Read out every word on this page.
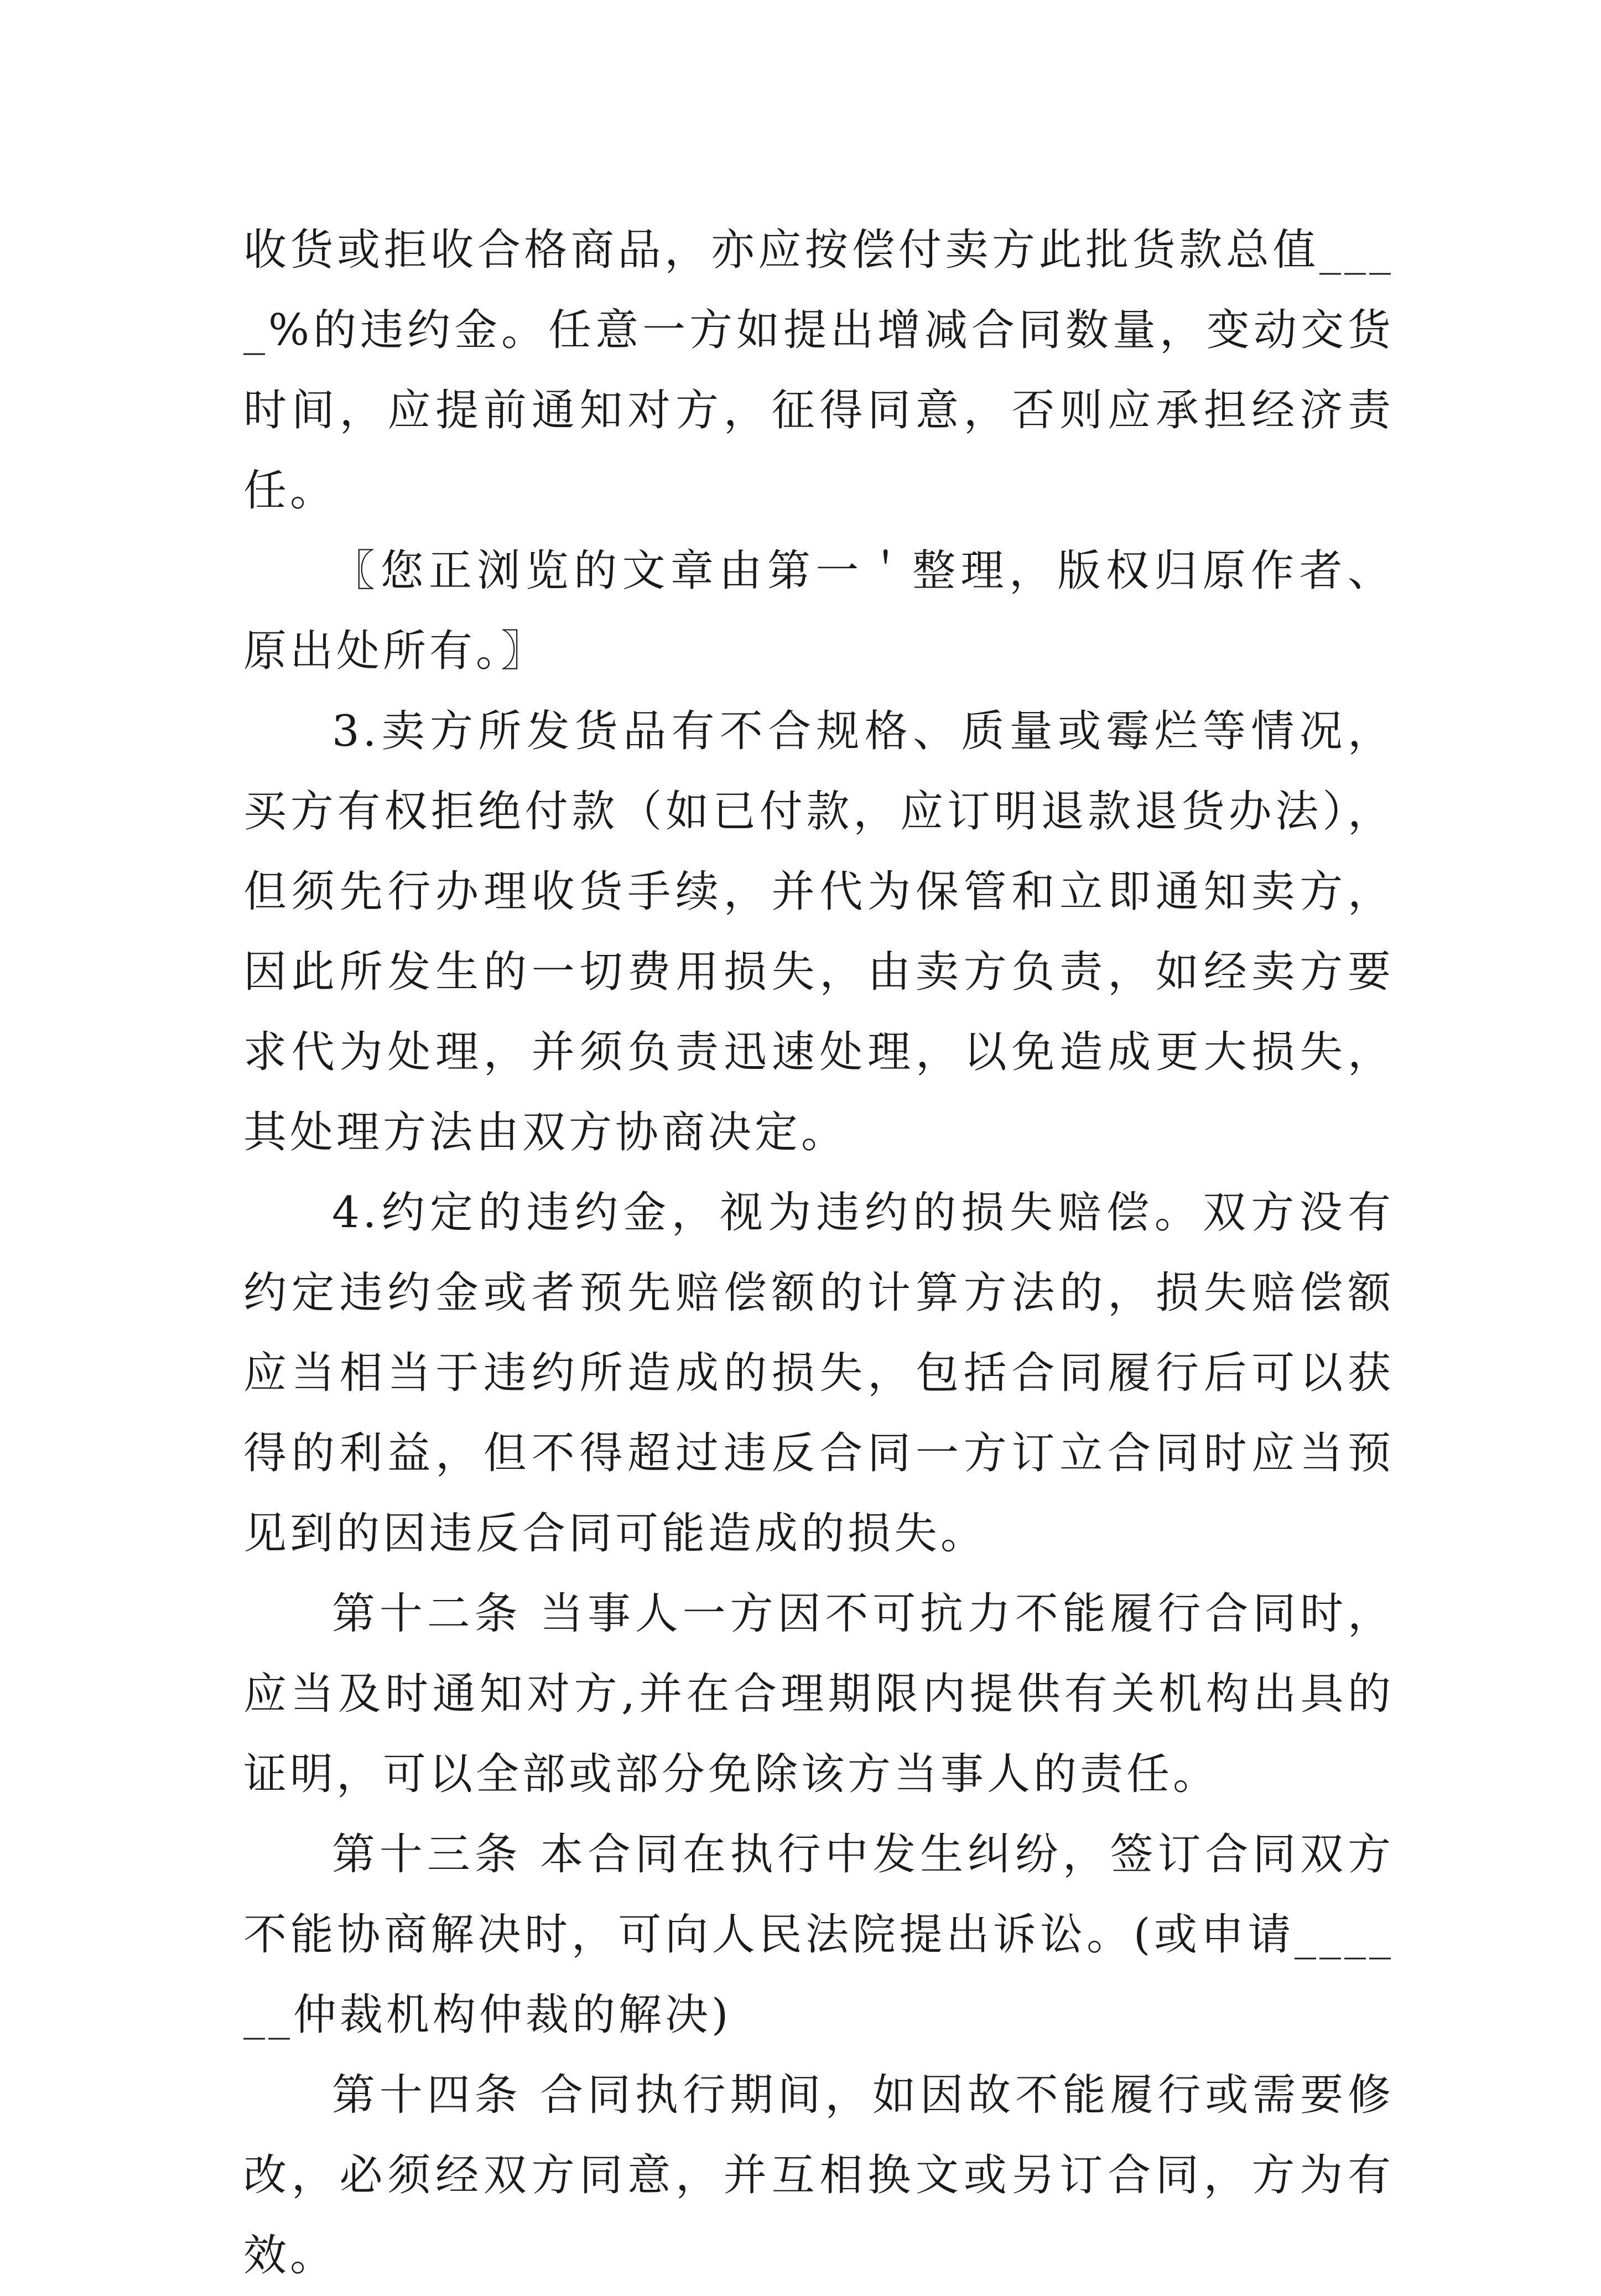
收货或拒收合格商品，亦应按偿付卖方此批货款总值____%的违约金。任意一方如提出增减合同数量，变动交货时间，应提前通知对方，征得同意，否则应承担经济责任。

〖您正浏览的文章由第一＇整理，版权归原作者、原出处所有。〗

3.卖方所发货品有不合规格、质量或霉烂等情况，买方有权拒绝付款（如已付款，应订明退款退货办法），但须先行办理收货手续，并代为保管和立即通知卖方，因此所发生的一切费用损失，由卖方负责，如经卖方要求代为处理，并须负责迅速处理，以免造成更大损失，其处理方法由双方协商决定。

4.约定的违约金，视为违约的损失赔偿。双方没有约定违约金或者预先赔偿额的计算方法的，损失赔偿额应当相当于违约所造成的损失，包括合同履行后可以获得的利益，但不得超过违反合同一方订立合同时应当预见到的因违反合同可能造成的损失。

第十二条 当事人一方因不可抗力不能履行合同时，应当及时通知对方,并在合理期限内提供有关机构出具的证明，可以全部或部分免除该方当事人的责任。

第十三条 本合同在执行中发生纠纷，签订合同双方不能协商解决时，可向人民法院提出诉讼。(或申请______仲裁机构仲裁的解决)

第十四条 合同执行期间，如因故不能履行或需要修改，必须经双方同意，并互相换文或另订合同，方为有效。
